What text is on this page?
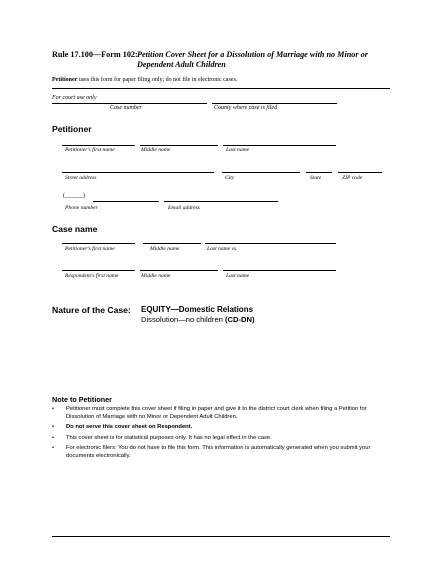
Rule 17.100—Form 102: Petition Cover Sheet for a Dissolution of Marriage with no Minor or
Dependent Adult Children
Petitioner uses this form for paper filing only; do not file in electronic cases.
For court use only
Case number	County where case is filed
Petitioner
Petitioner's first name	Middle name	Last name
Street address	City	State	ZIP code
(______)
Phone number	Email address
Case name
Petitioner's first name	Middle name	Last name vs.
Respondent's first name	Middle name	Last name
Nature of the Case: EQUITY—Domestic Relations
Dissolution—no children (CD-DN)
Note to Petitioner
• Petitioner must complete this cover sheet if filing in paper and give it to the district court clerk when filing a Petition for Dissolution of Marriage with no Minor or Dependent Adult Children.
• Do not serve this cover sheet on Respondent.
• This cover sheet is for statistical purposes only. It has no legal effect in the case.
• For electronic filers: You do not have to file this form. This information is automatically generated when you submit your documents electronically.
